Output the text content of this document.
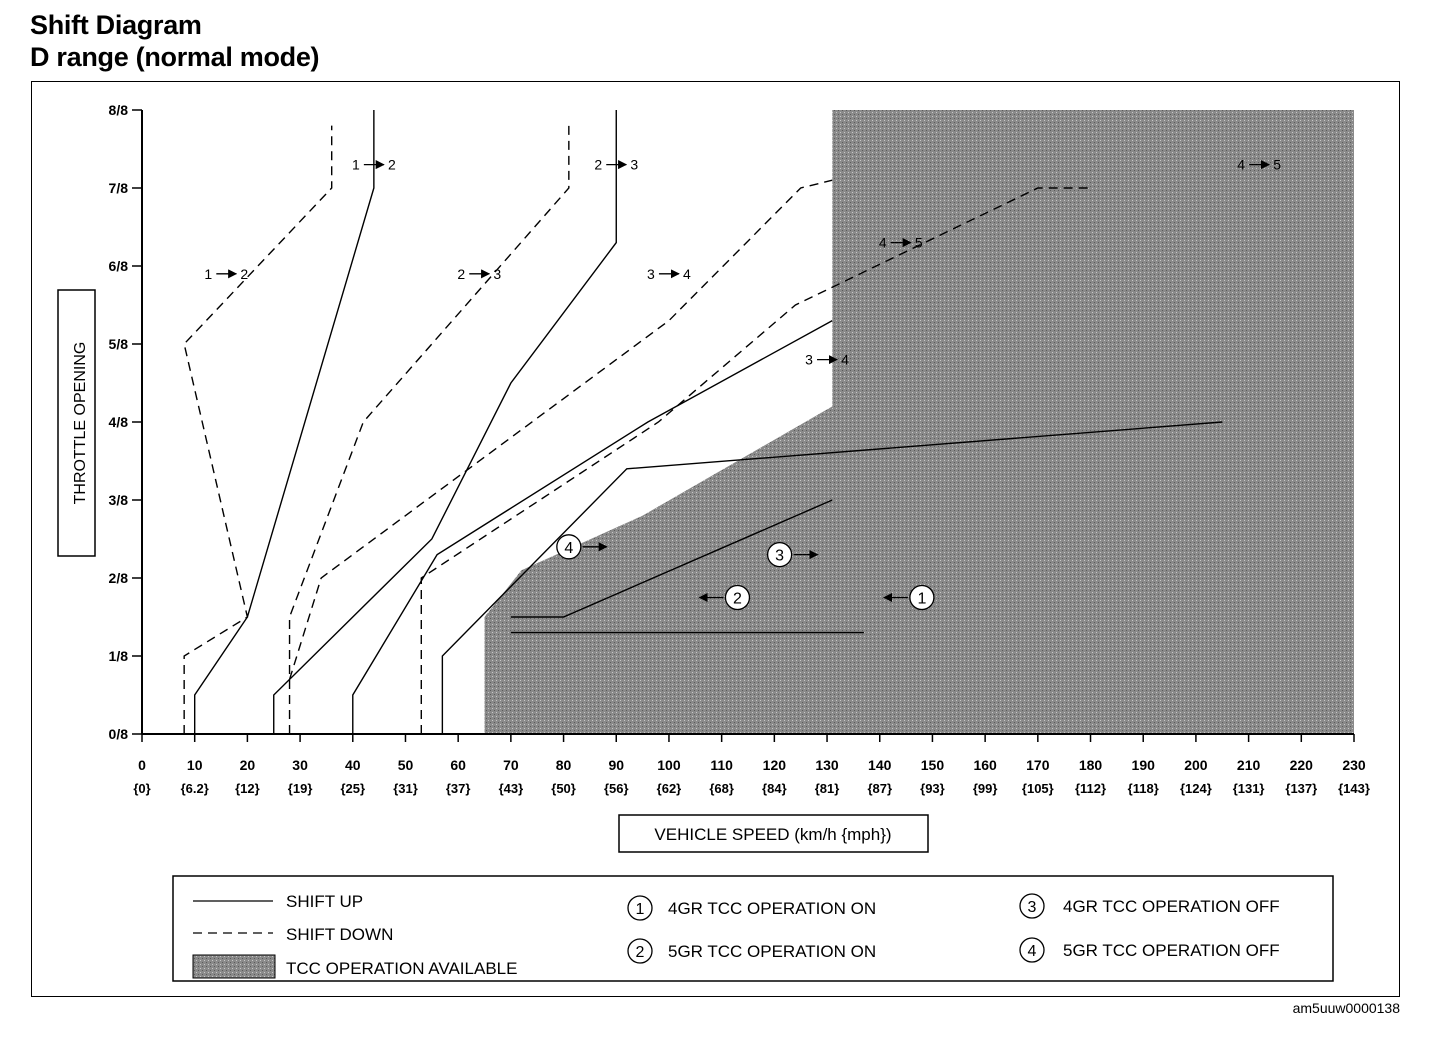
Shift Diagram
D range (normal mode)
0/8
1/8
2/8
3/8
4/8
5/8
6/8
7/8
8/8
0
{0}
10
{6.2}
20
{12}
30
{19}
40
{25}
50
{31}
60
{37}
70
{43}
80
{50}
90
{56}
100
{62}
110
{68}
120
{84}
130
{81}
140
{87}
150
{93}
160
{99}
170
{105}
180
{112}
190
{118}
200
{124}
210
{131}
220
{137}
230
{143}
1 2
1 2
2 3
2 3	3 4
3 4
4 5
4 5
1
2
3
4
THROTTLE OPENING
VEHICLE SPEED (km/h {mph})
SHIFT UP
SHIFT DOWN
TCC OPERATION AVAILABLE
1 4GR TCC OPERATION ON
2 5GR TCC OPERATION ON
3 4GR TCC OPERATION OFF
4 5GR TCC OPERATION OFF
am5uuw0000138
